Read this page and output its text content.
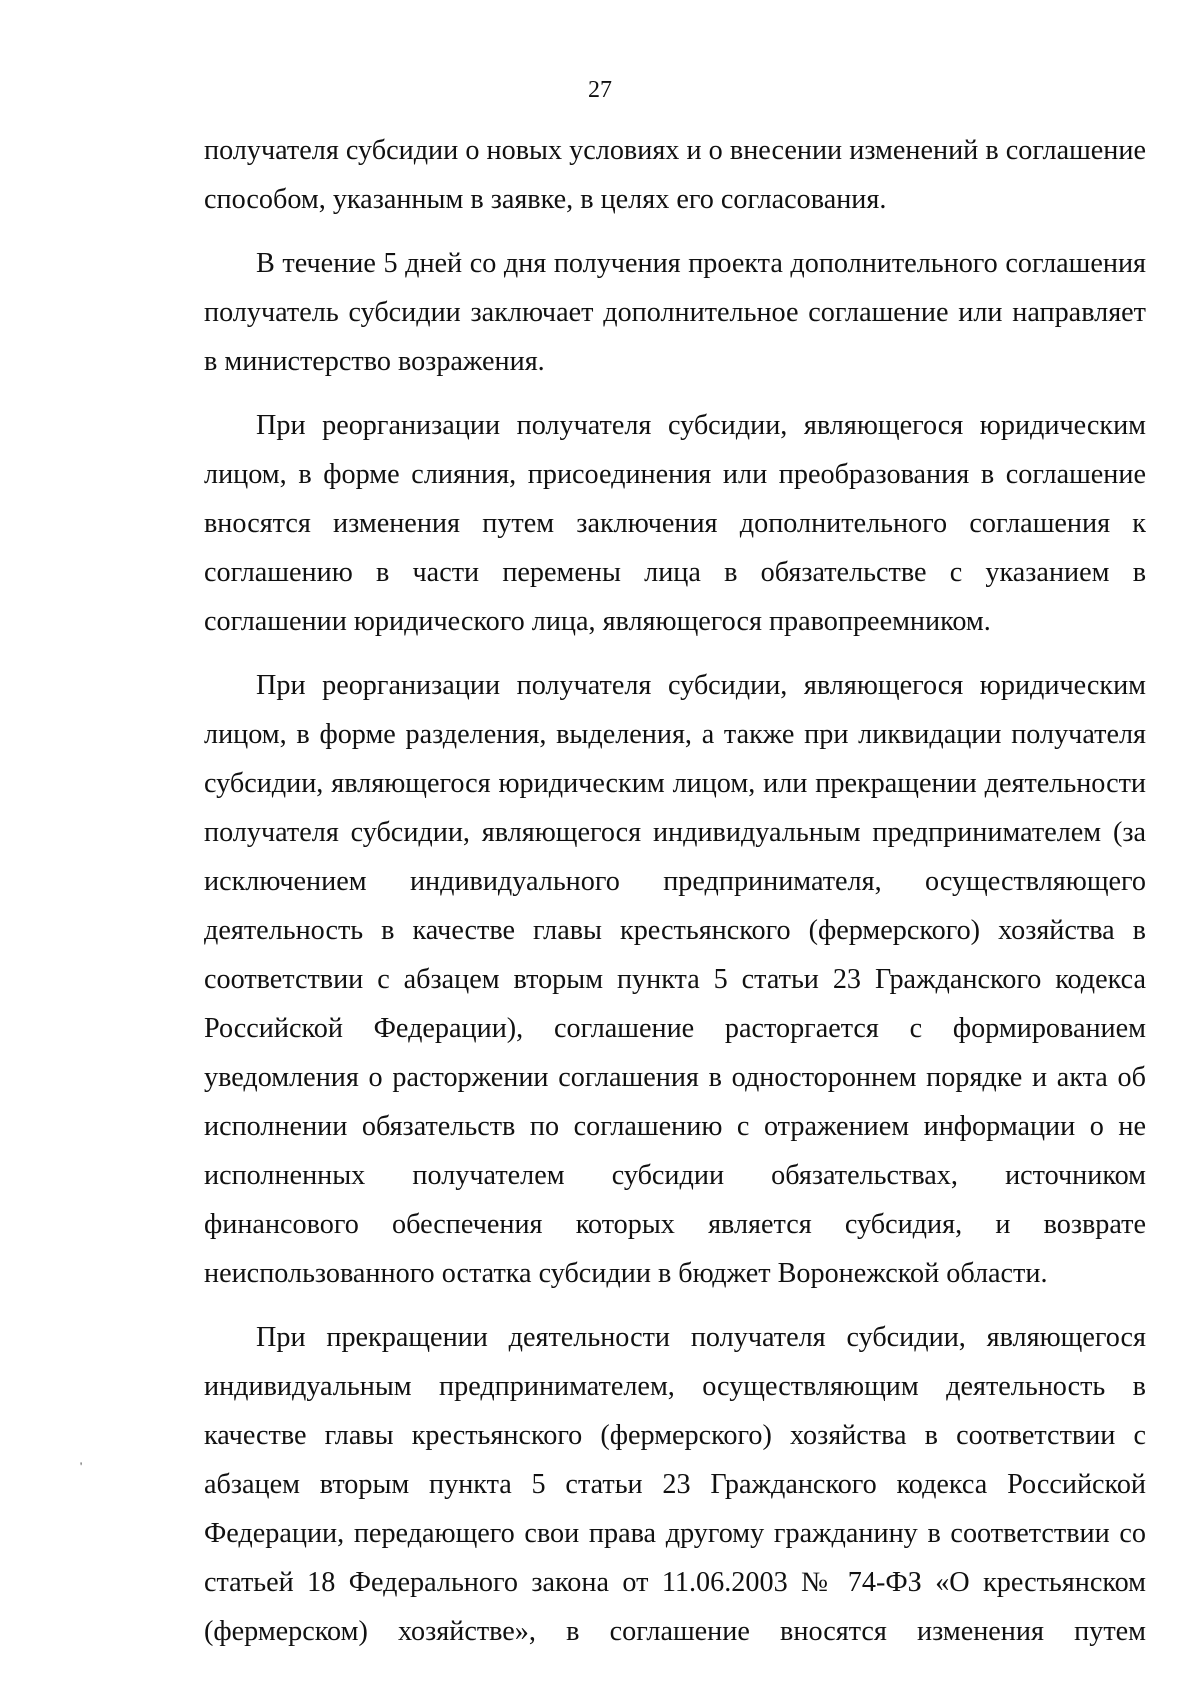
27

получателя субсидии о новых условиях и о внесении изменений в соглашение способом, указанным в заявке, в целях его согласования.

В течение 5 дней со дня получения проекта дополнительного соглашения получатель субсидии заключает дополнительное соглашение или направляет в министерство возражения.

При реорганизации получателя субсидии, являющегося юридическим лицом, в форме слияния, присоединения или преобразования в соглашение вносятся изменения путем заключения дополнительного соглашения к соглашению в части перемены лица в обязательстве с указанием в соглашении юридического лица, являющегося правопреемником.

При реорганизации получателя субсидии, являющегося юридическим лицом, в форме разделения, выделения, а также при ликвидации получателя субсидии, являющегося юридическим лицом, или прекращении деятельности получателя субсидии, являющегося индивидуальным предпринимателем (за исключением индивидуального предпринимателя, осуществляющего деятельность в качестве главы крестьянского (фермерского) хозяйства в соответствии с абзацем вторым пункта 5 статьи 23 Гражданского кодекса Российской Федерации), соглашение расторгается с формированием уведомления о расторжении соглашения в одностороннем порядке и акта об исполнении обязательств по соглашению с отражением информации о не исполненных получателем субсидии обязательствах, источником финансового обеспечения которых является субсидия, и возврате неиспользованного остатка субсидии в бюджет Воронежской области.

При прекращении деятельности получателя субсидии, являющегося индивидуальным предпринимателем, осуществляющим деятельность в качестве главы крестьянского (фермерского) хозяйства в соответствии с абзацем вторым пункта 5 статьи 23 Гражданского кодекса Российской Федерации, передающего свои права другому гражданину в соответствии со статьей 18 Федерального закона от 11.06.2003 № 74-ФЗ «О крестьянском (фермерском) хозяйстве», в соглашение вносятся изменения путем

'
